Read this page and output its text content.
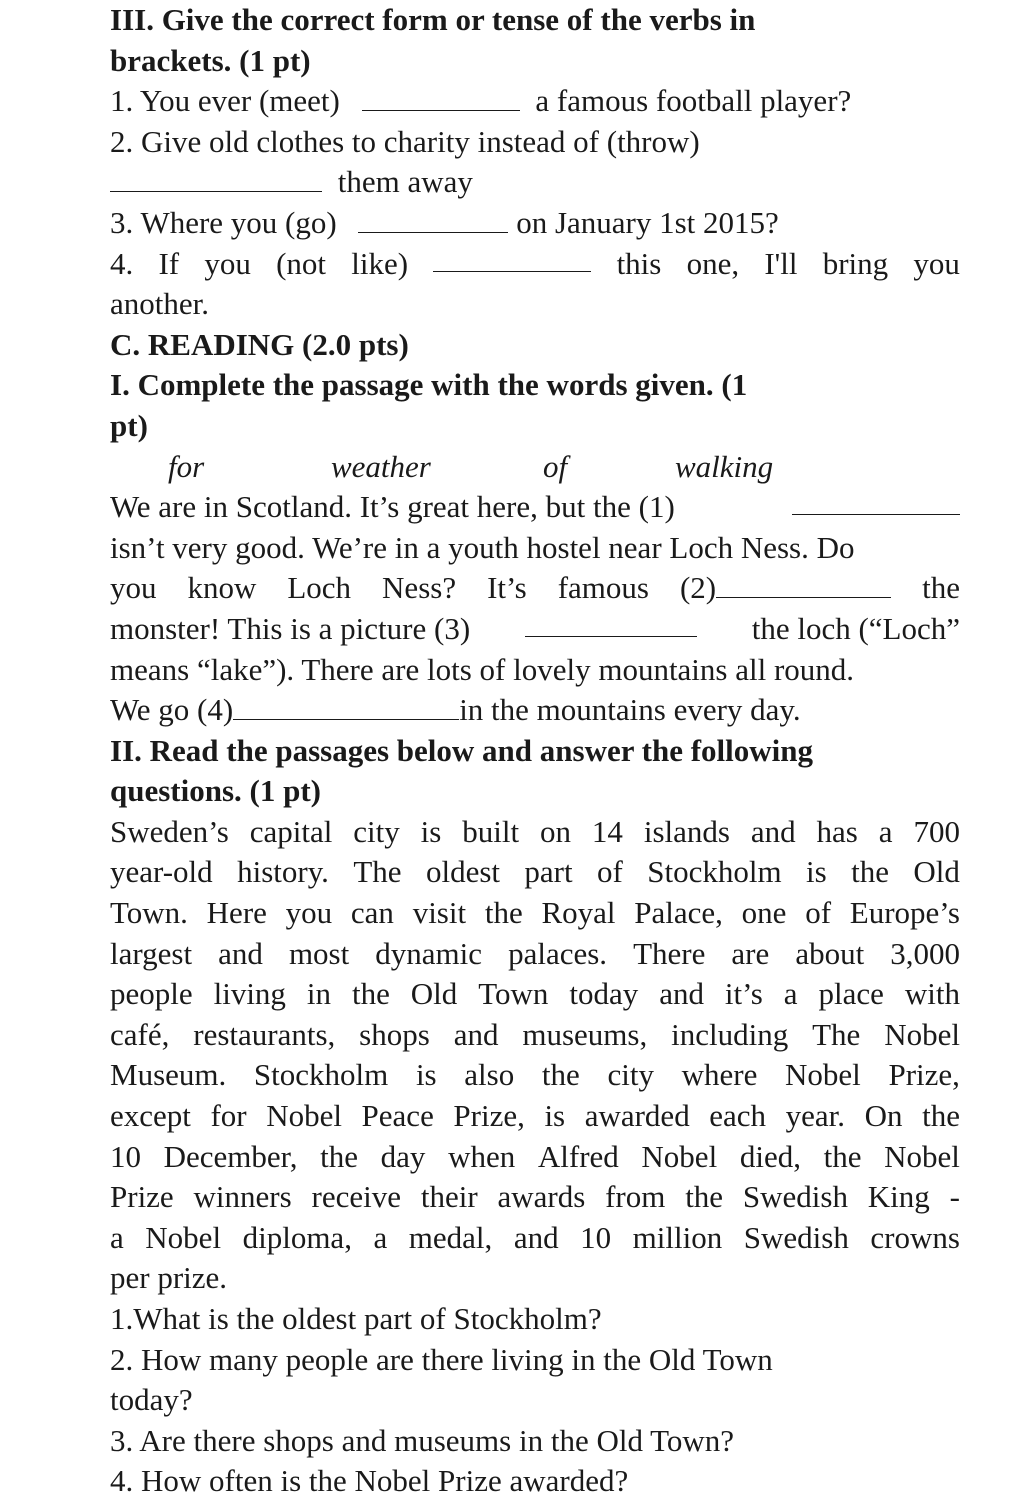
III. Give the correct form or tense of the verbs in
brackets. (1 pt)
1. You ever (meet)	a famous football player?
2. Give old clothes to charity instead of (throw)
them away
3. Where you (go)	on January 1st 2015?
4. If you (not like)	this one, I'll bring you
another.
C. READING (2.0 pts)
I. Complete the passage with the words given. (1
pt)
for	weather	of	walking
We are in Scotland. It’s great here, but the (1)
isn’t very good. We’re in a youth hostel near Loch Ness. Do
you know Loch Ness? It’s famous (2)	the
monster! This is a picture (3)	the loch (“Loch”
means “lake”). There are lots of lovely mountains all round.
We go (4)	in the mountains every day.
II. Read the passages below and answer the following
questions. (1 pt)
Sweden’s capital city is built on 14 islands and has a 700
year-old history. The oldest part of Stockholm is the Old
Town. Here you can visit the Royal Palace, one of Europe’s
largest and most dynamic palaces. There are about 3,000
people living in the Old Town today and it’s a place with
café, restaurants, shops and museums, including The Nobel
Museum. Stockholm is also the city where Nobel Prize,
except for Nobel Peace Prize, is awarded each year. On the
10 December, the day when Alfred Nobel died, the Nobel
Prize winners receive their awards from the Swedish King -
a Nobel diploma, a medal, and 10 million Swedish crowns
per prize.
1.What is the oldest part of Stockholm?
2. How many people are there living in the Old Town
today?
3. Are there shops and museums in the Old Town?
4. How often is the Nobel Prize awarded?
